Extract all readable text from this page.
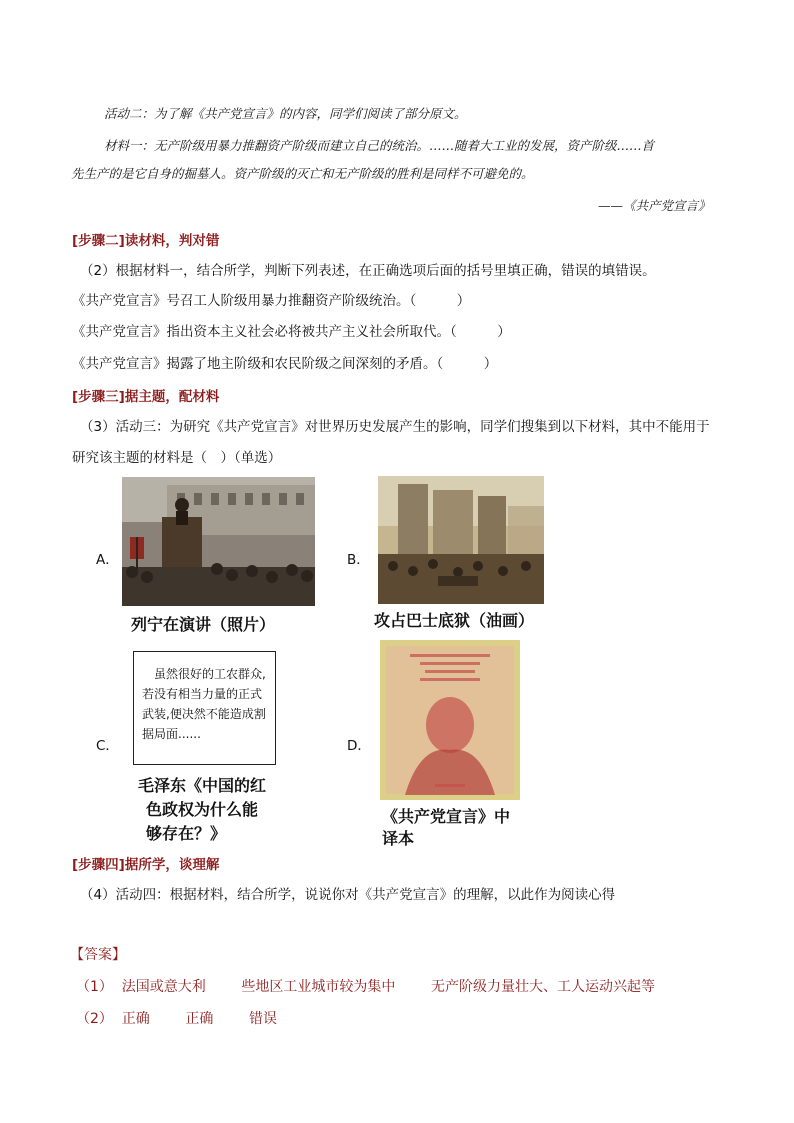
活动二：为了解《共产党宣言》的内容，同学们阅读了部分原文。
材料一：无产阶级用暴力推翻资产阶级而建立自己的统治。……随着大工业的发展，资产阶级……首
先生产的是它自身的掘墓人。资产阶级的灭亡和无产阶级的胜利是同样不可避免的。
——《共产党宣言》
[步骤二]读材料，判对错
（2）根据材料一，结合所学，判断下列表述，在正确选项后面的括号里填正确，错误的填错误。
《共产党宣言》号召工人阶级用暴力推翻资产阶级统治。（　　　）
《共产党宣言》指出资本主义社会必将被共产主义社会所取代。（　　　）
《共产党宣言》揭露了地主阶级和农民阶级之间深刻的矛盾。（　　　）
[步骤三]据主题，配材料
（3）活动三：为研究《共产党宣言》对世界历史发展产生的影响，同学们搜集到以下材料，其中不能用于
研究该主题的材料是（　）（单选）
A．
列宁在演讲（照片）
B．
攻占巴士底狱（油画）
C．
虽然很好的工农群众,若没有相当力量的正式武装,便决然不能造成割据局面......
毛泽东《中国的红
色政权为什么能
够存在？》
D．
《共产党宣言》中
译本
[步骤四]据所学，谈理解
（4）活动四：根据材料，结合所学，说说你对《共产党宣言》的理解，以此作为阅读心得
【答案】
（1）  法国或意大利        些地区工业城市较为集中        无产阶级力量壮大、工人运动兴起等
（2）  正确        正确        错误
